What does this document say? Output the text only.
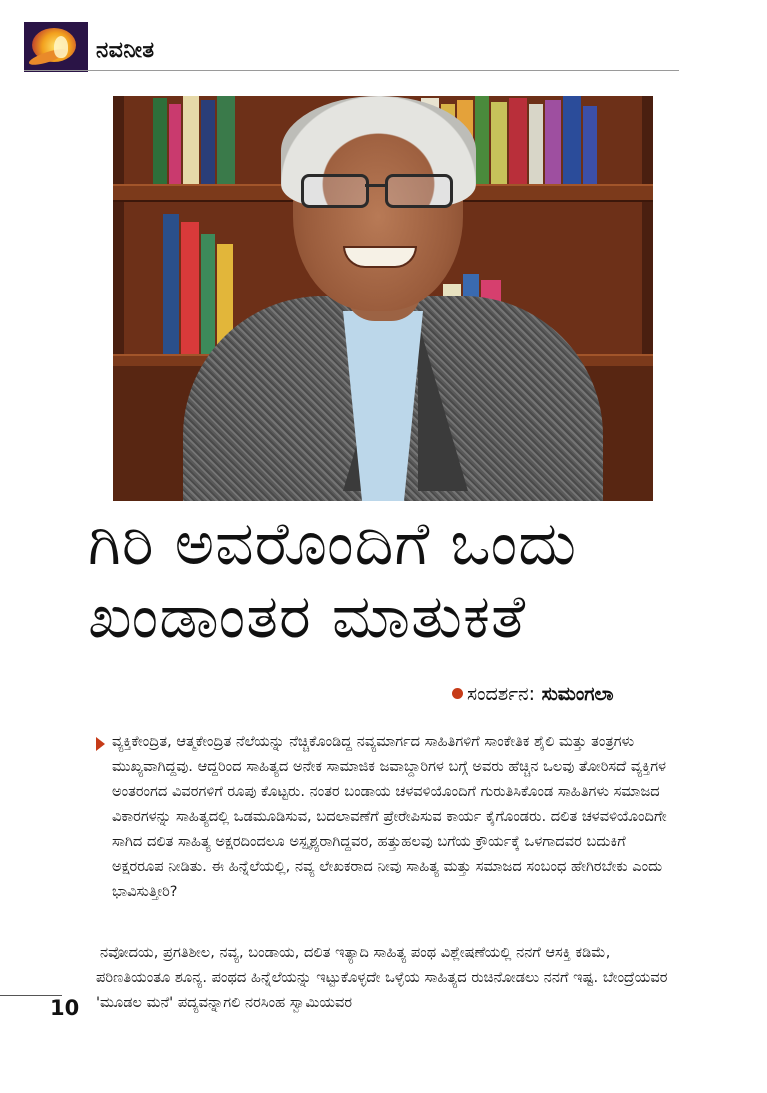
ನವನೀತ
ಗಿರಿ ಅವರೊಂದಿಗೆ ಒಂದು
ಖಂಡಾಂತರ ಮಾತುಕತೆ
ಸಂದರ್ಶನ: ಸುಮಂಗಲಾ

ವ್ಯಕ್ತಿಕೇಂದ್ರಿತ, ಆತ್ಮಕೇಂದ್ರಿತ ನೆಲೆಯನ್ನು ನೆಚ್ಚಿಕೊಂಡಿದ್ದ ನವ್ಯಮಾರ್ಗದ ಸಾಹಿತಿಗಳಿಗೆ ಸಾಂಕೇತಿಕ ಶೈಲಿ ಮತ್ತು ತಂತ್ರಗಳು ಮುಖ್ಯವಾಗಿದ್ದವು. ಆದ್ದರಿಂದ ಸಾಹಿತ್ಯದ ಅನೇಕ ಸಾಮಾಜಿಕ ಜವಾಬ್ದಾರಿಗಳ ಬಗ್ಗೆ ಅವರು ಹೆಚ್ಚಿನ ಒಲವು ತೋರಿಸದೆ ವ್ಯಕ್ತಿಗಳ ಅಂತರಂಗದ ವಿವರಗಳಿಗೆ ರೂಪು ಕೊಟ್ಟರು. ನಂತರ ಬಂಡಾಯ ಚಳವಳಿಯೊಂದಿಗೆ ಗುರುತಿಸಿಕೊಂಡ ಸಾಹಿತಿಗಳು ಸಮಾಜದ ವಿಕಾರಗಳನ್ನು ಸಾಹಿತ್ಯದಲ್ಲಿ ಒಡಮೂಡಿಸುವ, ಬದಲಾವಣೆಗೆ ಪ್ರೇರೇಪಿಸುವ ಕಾರ್ಯ ಕೈಗೊಂಡರು. ದಲಿತ ಚಳವಳಿಯೊಂದಿಗೇ ಸಾಗಿದ ದಲಿತ ಸಾಹಿತ್ಯ ಅಕ್ಷರದಿಂದಲೂ ಅಸ್ಪೃಶ್ಯರಾಗಿದ್ದವರ, ಹತ್ತುಹಲವು ಬಗೆಯ ಕ್ರೌರ್ಯಕ್ಕೆ ಒಳಗಾದವರ ಬದುಕಿಗೆ ಅಕ್ಷರರೂಪ ನೀಡಿತು. ಈ ಹಿನ್ನೆಲೆಯಲ್ಲಿ, ನವ್ಯ ಲೇಖಕರಾದ ನೀವು ಸಾಹಿತ್ಯ ಮತ್ತು ಸಮಾಜದ ಸಂಬಂಧ ಹೇಗಿರಬೇಕು ಎಂದು ಭಾವಿಸುತ್ತೀರಿ?

ನವೋದಯ, ಪ್ರಗತಿಶೀಲ, ನವ್ಯ, ಬಂಡಾಯ, ದಲಿತ ಇತ್ಯಾದಿ ಸಾಹಿತ್ಯ ಪಂಥ ವಿಶ್ಲೇಷಣೆಯಲ್ಲಿ ನನಗೆ ಆಸಕ್ತಿ ಕಡಿಮೆ, ಪರಿಣತಿಯಂತೂ ಶೂನ್ಯ. ಪಂಥದ ಹಿನ್ನೆಲೆಯನ್ನು ಇಟ್ಟುಕೊಳ್ಳದೇ ಒಳ್ಳೆಯ ಸಾಹಿತ್ಯದ ರುಚಿನೋಡಲು ನನಗೆ ಇಷ್ಟ. ಬೇಂದ್ರೆಯವರ 'ಮೂಡಲ ಮನೆ' ಪದ್ಯವನ್ನಾಗಲಿ ನರಸಿಂಹ ಸ್ವಾಮಿಯವರ

10
